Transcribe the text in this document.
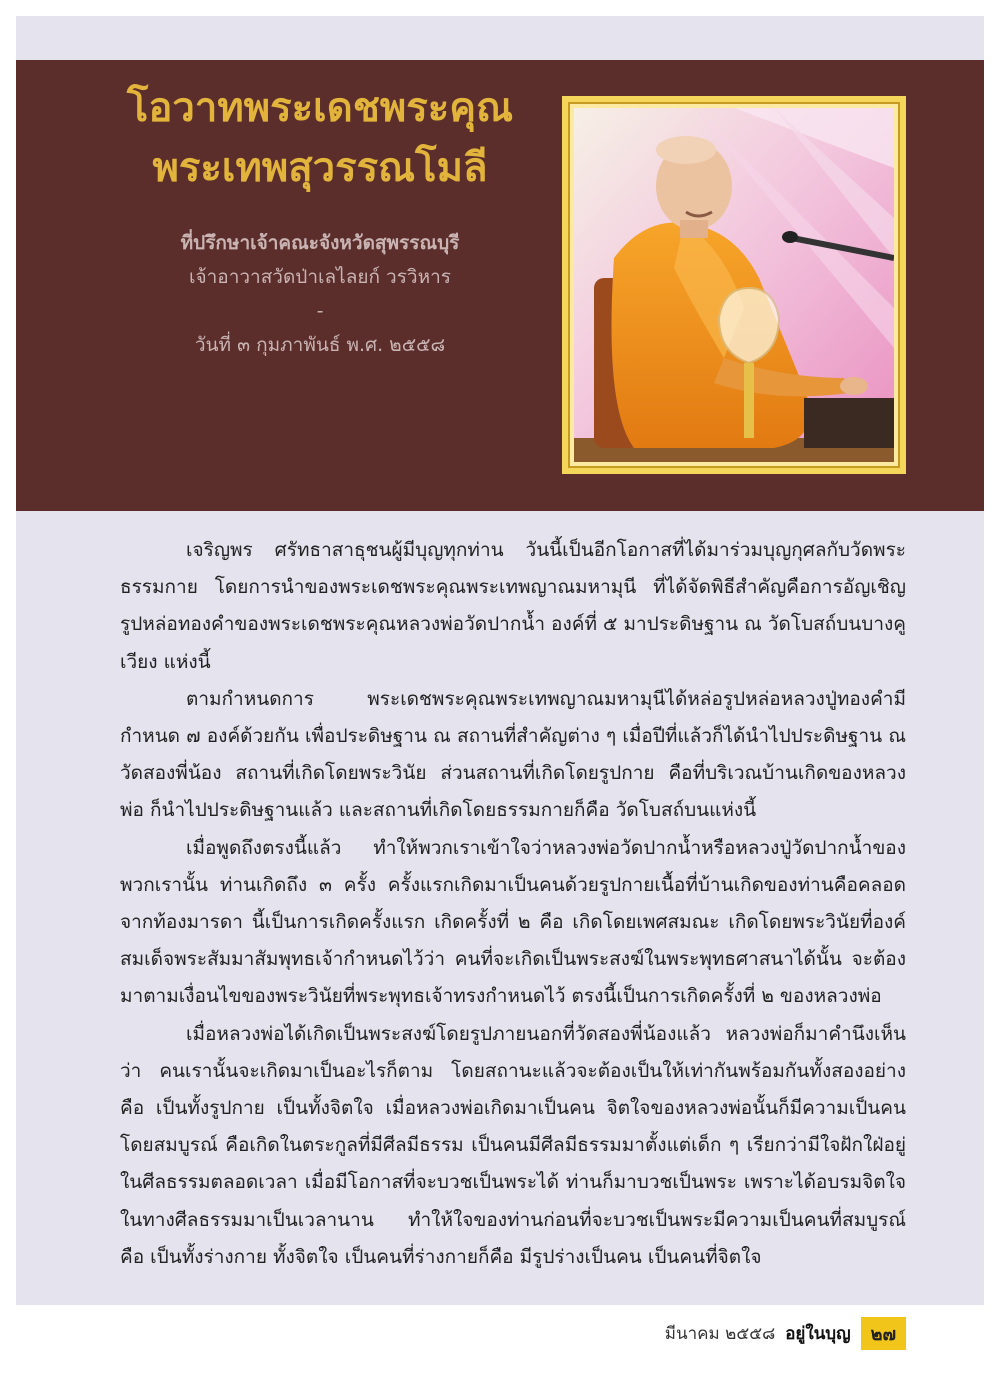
โอวาทพระเดชพระคุณ
พระเทพสุวรรณโมลี
ที่ปรึกษาเจ้าคณะจังหวัดสุพรรณบุรี
เจ้าอาวาสวัดป่าเลไลยก์ วรวิหาร
-
วันที่ ๓ กุมภาพันธ์ พ.ศ. ๒๕๕๘

เจริญพร ศรัทธาสาธุชนผู้มีบุญทุกท่าน วันนี้เป็นอีกโอกาสที่ได้มาร่วมบุญกุศลกับวัดพระธรรมกาย โดยการนำของพระเดชพระคุณพระเทพญาณมหามุนี ที่ได้จัดพิธีสำคัญคือการอัญเชิญรูปหล่อทองคำของพระเดชพระคุณหลวงพ่อวัดปากน้ำ องค์ที่ ๕ มาประดิษฐาน ณ วัดโบสถ์บนบางคูเวียง แห่งนี้

ตามกำหนดการ พระเดชพระคุณพระเทพญาณมหามุนีได้หล่อรูปหล่อหลวงปู่ทองคำมีกำหนด ๗ องค์ด้วยกัน เพื่อประดิษฐาน ณ สถานที่สำคัญต่าง ๆ เมื่อปีที่แล้วก็ได้นำไปประดิษฐาน ณ วัดสองพี่น้อง สถานที่เกิดโดยพระวินัย ส่วนสถานที่เกิดโดยรูปกาย คือที่บริเวณบ้านเกิดของหลวงพ่อ ก็นำไปประดิษฐานแล้ว และสถานที่เกิดโดยธรรมกายก็คือ วัดโบสถ์บนแห่งนี้

เมื่อพูดถึงตรงนี้แล้ว ทำให้พวกเราเข้าใจว่าหลวงพ่อวัดปากน้ำหรือหลวงปู่วัดปากน้ำของพวกเรานั้น ท่านเกิดถึง ๓ ครั้ง ครั้งแรกเกิดมาเป็นคนด้วยรูปกายเนื้อที่บ้านเกิดของท่านคือคลอดจากท้องมารดา นี้เป็นการเกิดครั้งแรก เกิดครั้งที่ ๒ คือ เกิดโดยเพศสมณะ เกิดโดยพระวินัยที่องค์สมเด็จพระสัมมาสัมพุทธเจ้ากำหนดไว้ว่า คนที่จะเกิดเป็นพระสงฆ์ในพระพุทธศาสนาได้นั้น จะต้องมาตามเงื่อนไขของพระวินัยที่พระพุทธเจ้าทรงกำหนดไว้ ตรงนี้เป็นการเกิดครั้งที่ ๒ ของหลวงพ่อ

เมื่อหลวงพ่อได้เกิดเป็นพระสงฆ์โดยรูปภายนอกที่วัดสองพี่น้องแล้ว หลวงพ่อก็มาคำนึงเห็นว่า คนเรานั้นจะเกิดมาเป็นอะไรก็ตาม โดยสถานะแล้วจะต้องเป็นให้เท่ากันพร้อมกันทั้งสองอย่าง คือ เป็นทั้งรูปกาย เป็นทั้งจิตใจ เมื่อหลวงพ่อเกิดมาเป็นคน จิตใจของหลวงพ่อนั้นก็มีความเป็นคนโดยสมบูรณ์ คือเกิดในตระกูลที่มีศีลมีธรรม เป็นคนมีศีลมีธรรมมาตั้งแต่เด็ก ๆ เรียกว่ามีใจฝักใฝ่อยู่ในศีลธรรมตลอดเวลา เมื่อมีโอกาสที่จะบวชเป็นพระได้ ท่านก็มาบวชเป็นพระ เพราะได้อบรมจิตใจในทางศีลธรรมมาเป็นเวลานาน ทำให้ใจของท่านก่อนที่จะบวชเป็นพระมีความเป็นคนที่สมบูรณ์ คือ เป็นทั้งร่างกาย ทั้งจิตใจ เป็นคนที่ร่างกายก็คือ มีรูปร่างเป็นคน เป็นคนที่จิตใจ

มีนาคม ๒๕๕๘ อยู่ในบุญ	๒๗
